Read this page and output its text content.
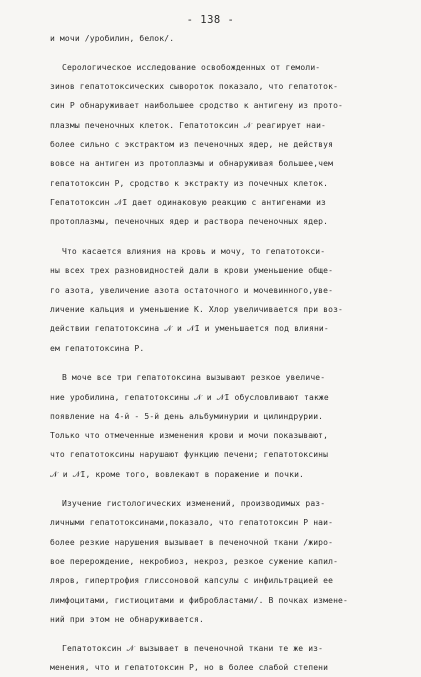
- 138 -
и мочи /уробилин, белок/.
Серологическое исследование освобожденных от гемоли-
зинов гепатотоксических сывороток показало, что гепатоток-
син Р обнаруживает наибольшее сродство к антигену из прото-
плазмы печеночных клеток. Гепатотоксин 𝒩 реагирует наи-
более сильно с экстрактом из печеночных ядер, не действуя
вовсе на антиген из протоплазмы и обнаруживая большее,чем
гепатотоксин Р, сродство к экстракту из почечных клеток.
Гепатотоксин 𝒩I дает одинаковую реакцию с антигенами из
протоплазмы, печеночных ядер и раствора печеночных ядер.
Что касается влияния на кровь и мочу, то гепатотокси-
ны всех трех разновидностей дали в крови уменьшение обще-
го азота, увеличение азота остаточного и мочевинного,уве-
личение кальция и уменьшение К. Хлор увеличивается при воз-
действии гепатотоксина 𝒩 и 𝒩I и уменьшается под влияни-
ем гепатотоксина Р.
В моче все три гепатотоксина вызывают резкое увеличе-
ние уробилина, гепатотоксины 𝒩 и 𝒩I обусловливают также
появление на 4-й - 5-й день альбуминурии и цилиндрурии.
Только что отмеченные изменения крови и мочи показывают,
что гепатотоксины нарушают функцию печени; гепатотоксины
𝒩 и 𝒩I, кроме того, вовлекают в поражение и почки.
Изучение гистологических изменений, производимых раз-
личными гепатотоксинами,показало, что гепатотоксин Р наи-
более резкие нарушения вызывает в печеночной ткани /жиро-
вое перерождение, некробиоз, некроз, резкое сужение капил-
ляров, гипертрофия глиссоновой капсулы с инфильтрацией ее
лимфоцитами, гистиоцитами и фибробластами/. В почках измене-
ний при этом не обнаруживается.
Гепатотоксин 𝒩 вызывает в печеночной ткани те же из-
менения, что и гепатотоксин Р, но в более слабой степени
